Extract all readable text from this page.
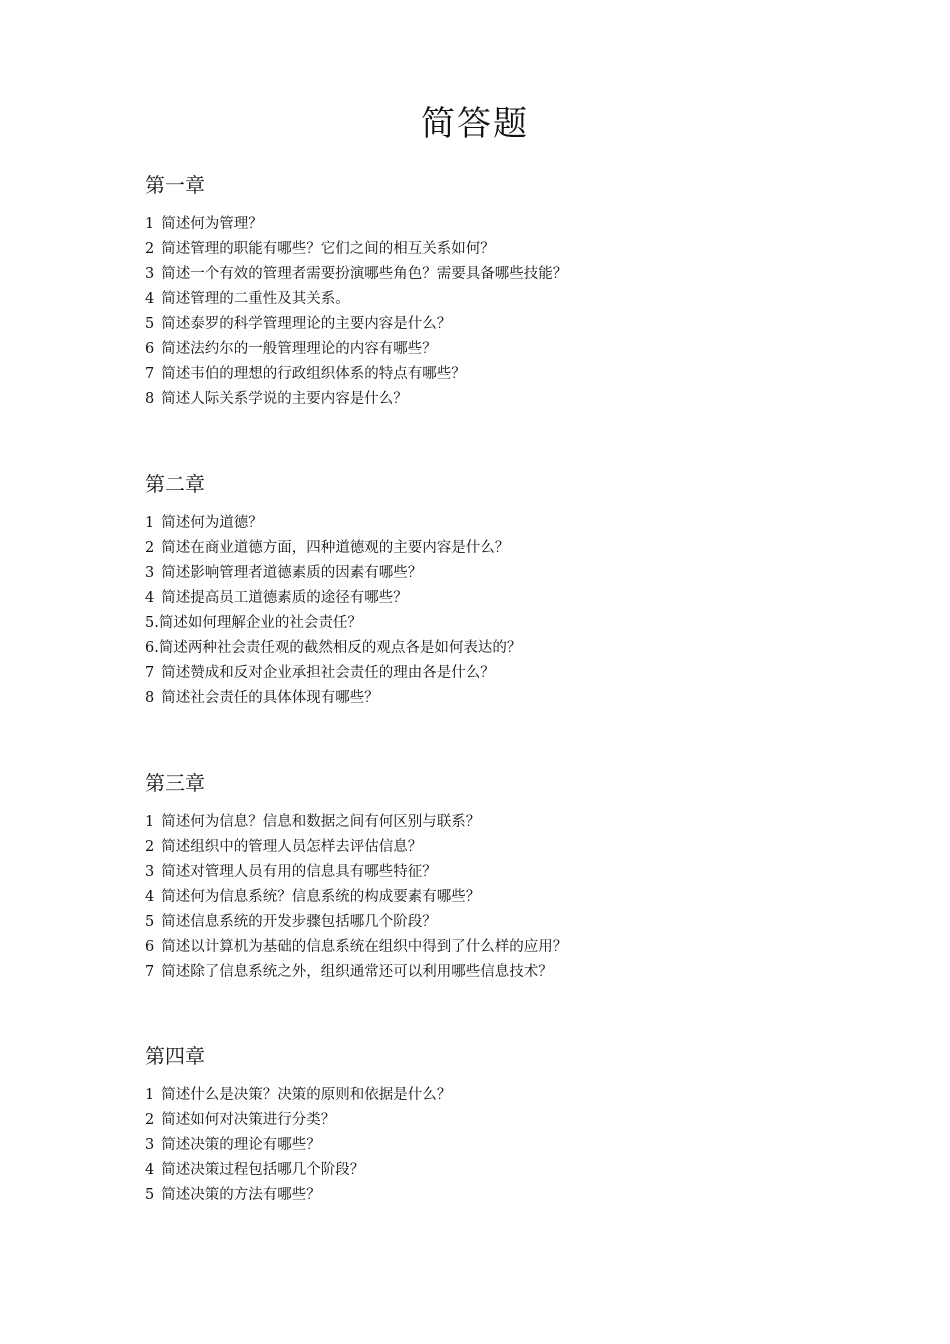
简答题
第一章
1 简述何为管理？
2 简述管理的职能有哪些？它们之间的相互关系如何？
3 简述一个有效的管理者需要扮演哪些角色？需要具备哪些技能？
4 简述管理的二重性及其关系。
5 简述泰罗的科学管理理论的主要内容是什么？
6 简述法约尔的一般管理理论的内容有哪些？
7 简述韦伯的理想的行政组织体系的特点有哪些？
8 简述人际关系学说的主要内容是什么？
第二章
1 简述何为道德？
2 简述在商业道德方面，四种道德观的主要内容是什么？
3 简述影响管理者道德素质的因素有哪些？
4 简述提高员工道德素质的途径有哪些？
5.简述如何理解企业的社会责任？
6.简述两种社会责任观的截然相反的观点各是如何表达的？
7 简述赞成和反对企业承担社会责任的理由各是什么？
8 简述社会责任的具体体现有哪些？
第三章
1 简述何为信息？信息和数据之间有何区别与联系？
2 简述组织中的管理人员怎样去评估信息？
3 简述对管理人员有用的信息具有哪些特征？
4 简述何为信息系统？信息系统的构成要素有哪些？
5 简述信息系统的开发步骤包括哪几个阶段？
6 简述以计算机为基础的信息系统在组织中得到了什么样的应用？
7 简述除了信息系统之外，组织通常还可以利用哪些信息技术？
第四章
1 简述什么是决策？决策的原则和依据是什么？
2 简述如何对决策进行分类？
3 简述决策的理论有哪些？
4 简述决策过程包括哪几个阶段？
5 简述决策的方法有哪些？
